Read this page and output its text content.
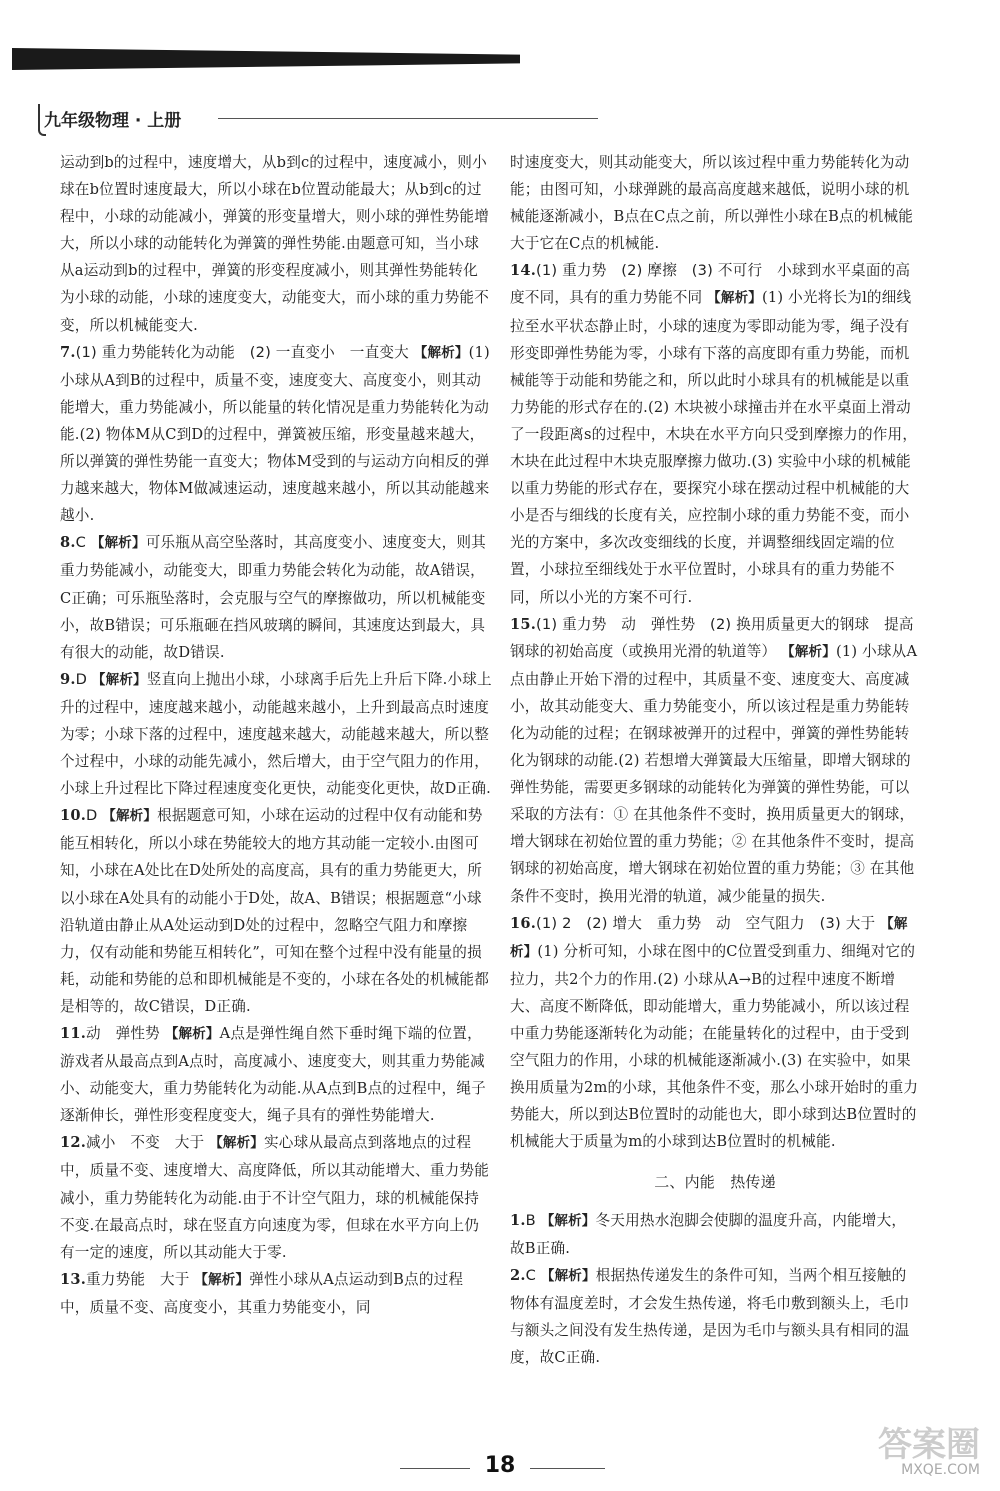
九年级物理 · 上册

运动到b的过程中，速度增大，从b到c的过程中，速度减小，则小球在b位置时速度最大，所以小球在b位置动能最大；从b到c的过程中，小球的动能减小，弹簧的形变量增大，则小球的弹性势能增大，所以小球的动能转化为弹簧的弹性势能.由题意可知，当小球从a运动到b的过程中，弹簧的形变程度减小，则其弹性势能转化为小球的动能，小球的速度变大，动能变大，而小球的重力势能不变，所以机械能变大.

7.(1) 重力势能转化为动能　(2) 一直变小　一直变大 【解析】(1) 小球从A到B的过程中，质量不变，速度变大、高度变小，则其动能增大，重力势能减小，所以能量的转化情况是重力势能转化为动能.(2) 物体M从C到D的过程中，弹簧被压缩，形变量越来越大，所以弹簧的弹性势能一直变大；物体M受到的与运动方向相反的弹力越来越大，物体M做减速运动，速度越来越小，所以其动能越来越小.

8.C 【解析】可乐瓶从高空坠落时，其高度变小、速度变大，则其重力势能减小，动能变大，即重力势能会转化为动能，故A错误，C正确；可乐瓶坠落时，会克服与空气的摩擦做功，所以机械能变小，故B错误；可乐瓶砸在挡风玻璃的瞬间，其速度达到最大，具有很大的动能，故D错误.

9.D 【解析】竖直向上抛出小球，小球离手后先上升后下降.小球上升的过程中，速度越来越小，动能越来越小，上升到最高点时速度为零；小球下落的过程中，速度越来越大，动能越来越大，所以整个过程中，小球的动能先减小，然后增大，由于空气阻力的作用，小球上升过程比下降过程速度变化更快，动能变化更快，故D正确.

10.D 【解析】根据题意可知，小球在运动的过程中仅有动能和势能互相转化，所以小球在势能较大的地方其动能一定较小.由图可知，小球在A处比在D处所处的高度高，具有的重力势能更大，所以小球在A处具有的动能小于D处，故A、B错误；根据题意“小球沿轨道由静止从A处运动到D处的过程中，忽略空气阻力和摩擦力，仅有动能和势能互相转化”，可知在整个过程中没有能量的损耗，动能和势能的总和即机械能是不变的，小球在各处的机械能都是相等的，故C错误，D正确.

11.动　弹性势 【解析】A点是弹性绳自然下垂时绳下端的位置，游戏者从最高点到A点时，高度减小、速度变大，则其重力势能减小、动能变大，重力势能转化为动能.从A点到B点的过程中，绳子逐渐伸长，弹性形变程度变大，绳子具有的弹性势能增大.

12.减小　不变　大于 【解析】实心球从最高点到落地点的过程中，质量不变、速度增大、高度降低，所以其动能增大、重力势能减小，重力势能转化为动能.由于不计空气阻力，球的机械能保持不变.在最高点时，球在竖直方向速度为零，但球在水平方向上仍有一定的速度，所以其动能大于零.

13.重力势能　大于 【解析】弹性小球从A点运动到B点的过程中，质量不变、高度变小，其重力势能变小，同

时速度变大，则其动能变大，所以该过程中重力势能转化为动能；由图可知，小球弹跳的最高高度越来越低，说明小球的机械能逐渐减小，B点在C点之前，所以弹性小球在B点的机械能大于它在C点的机械能.

14.(1) 重力势　(2) 摩擦　(3) 不可行　小球到水平桌面的高度不同，具有的重力势能不同 【解析】(1) 小光将长为l的细线拉至水平状态静止时，小球的速度为零即动能为零，绳子没有形变即弹性势能为零，小球有下落的高度即有重力势能，而机械能等于动能和势能之和，所以此时小球具有的机械能是以重力势能的形式存在的.(2) 木块被小球撞击并在水平桌面上滑动了一段距离s的过程中，木块在水平方向只受到摩擦力的作用，木块在此过程中木块克服摩擦力做功.(3) 实验中小球的机械能以重力势能的形式存在，要探究小球在摆动过程中机械能的大小是否与细线的长度有关，应控制小球的重力势能不变，而小光的方案中，多次改变细线的长度，并调整细线固定端的位置，小球拉至细线处于水平位置时，小球具有的重力势能不同，所以小光的方案不可行.

15.(1) 重力势　动　弹性势　(2) 换用质量更大的钢球　提高钢球的初始高度（或换用光滑的轨道等） 【解析】(1) 小球从A点由静止开始下滑的过程中，其质量不变、速度变大、高度减小，故其动能变大、重力势能变小，所以该过程是重力势能转化为动能的过程；在钢球被弹开的过程中，弹簧的弹性势能转化为钢球的动能.(2) 若想增大弹簧最大压缩量，即增大钢球的弹性势能，需要更多钢球的动能转化为弹簧的弹性势能，可以采取的方法有：① 在其他条件不变时，换用质量更大的钢球，增大钢球在初始位置的重力势能；② 在其他条件不变时，提高钢球的初始高度，增大钢球在初始位置的重力势能；③ 在其他条件不变时，换用光滑的轨道，减少能量的损失.

16.(1) 2　(2) 增大　重力势　动　空气阻力　(3) 大于 【解析】(1) 分析可知，小球在图中的C位置受到重力、细绳对它的拉力，共2个力的作用.(2) 小球从A→B的过程中速度不断增大、高度不断降低，即动能增大，重力势能减小，所以该过程中重力势能逐渐转化为动能；在能量转化的过程中，由于受到空气阻力的作用，小球的机械能逐渐减小.(3) 在实验中，如果换用质量为2m的小球，其他条件不变，那么小球开始时的重力势能大，所以到达B位置时的动能也大，即小球到达B位置时的机械能大于质量为m的小球到达B位置时的机械能.

二、内能　热传递

1.B 【解析】冬天用热水泡脚会使脚的温度升高，内能增大，故B正确.

2.C 【解析】根据热传递发生的条件可知，当两个相互接触的物体有温度差时，才会发生热传递，将毛巾敷到额头上，毛巾与额头之间没有发生热传递，是因为毛巾与额头具有相同的温度，故C正确.

18
答案圈
MXQE.COM
